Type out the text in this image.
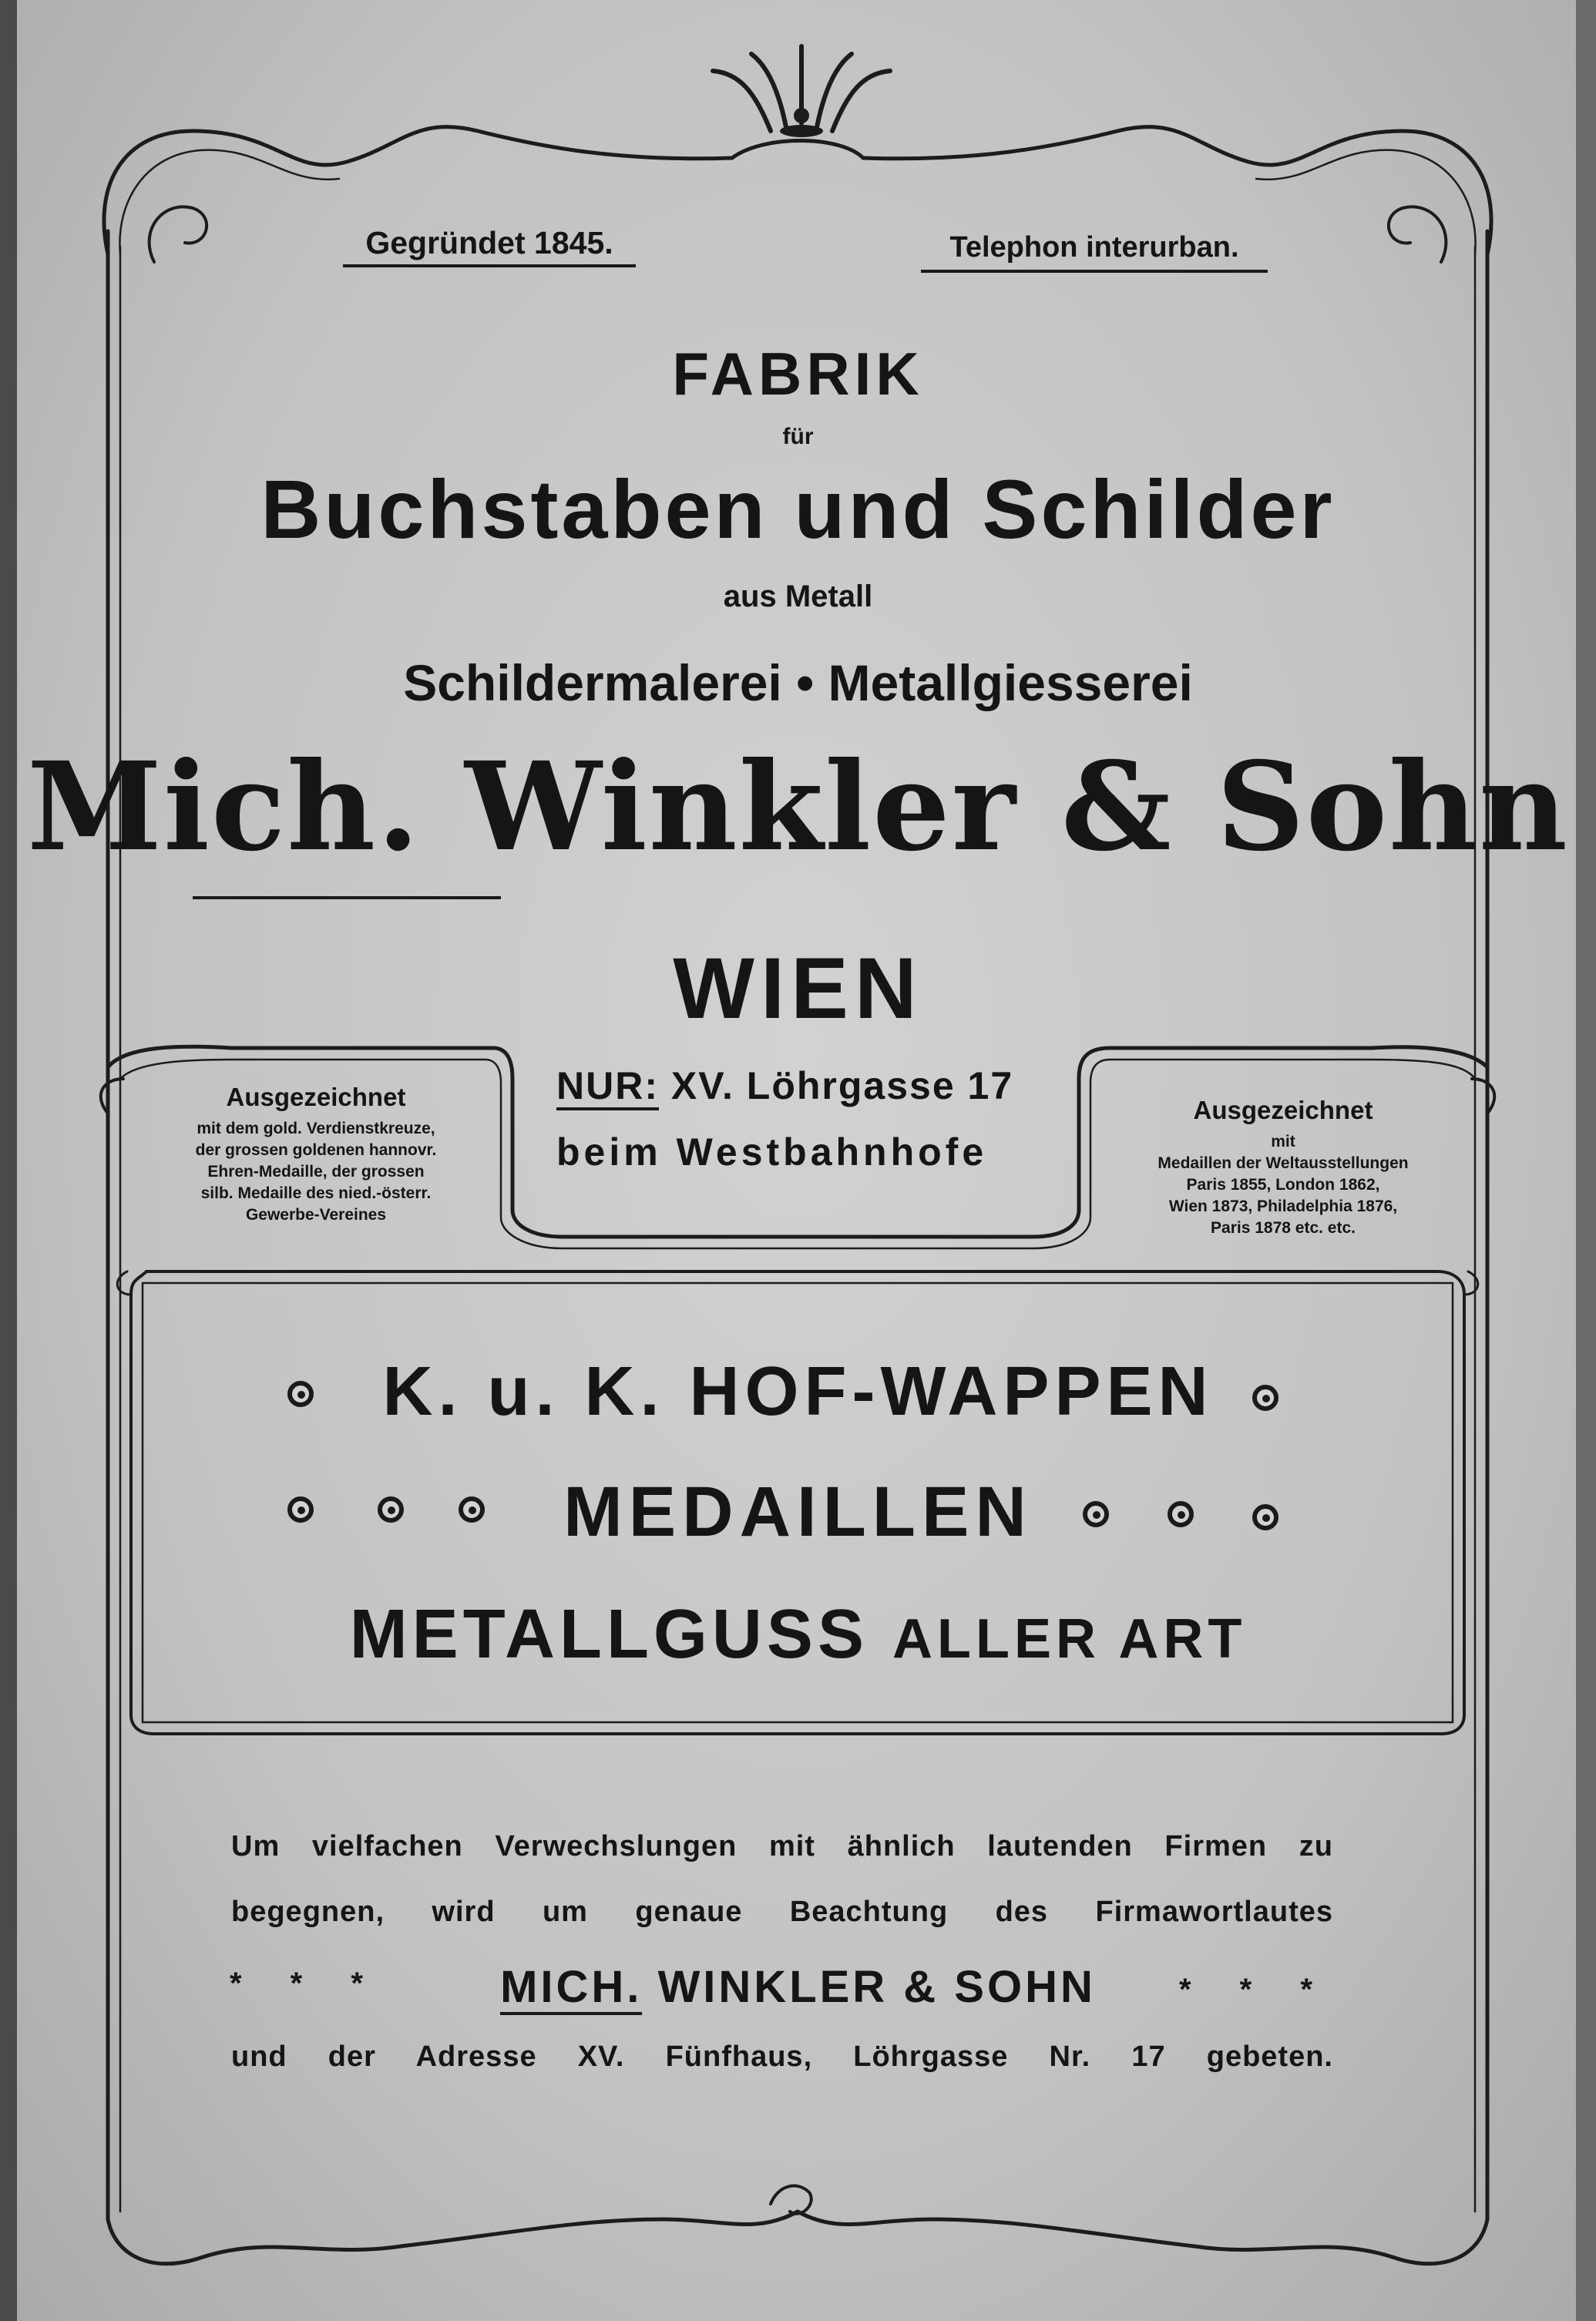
Gegründet 1845.	Telephon interurban.
FABRIK
für
Buchstaben und Schilder
aus Metall
Schildermalerei • Metallgiesserei
Mich. Winkler & Sohn
WIEN
NUR: XV. Löhrgasse 17
beim Westbahnhofe
Ausgezeichnet
mit dem gold. Verdienstkreuze,
der grossen goldenen hannovr.
Ehren-Medaille, der grossen
silb. Medaille des nied.-österr.
Gewerbe-Vereines
Ausgezeichnet
mit
Medaillen der Weltausstellungen
Paris 1855, London 1862,
Wien 1873, Philadelphia 1876,
Paris 1878 etc. etc.
K. u. K. HOF-WAPPEN
MEDAILLEN
METALLGUSS ALLER ART
Um vielfachen Verwechslungen mit ähnlich lautenden Firmen zu
begegnen, wird um genaue Beachtung des Firmawortlautes
* * *	MICH. WINKLER & SOHN	* * *
und der Adresse XV. Fünfhaus, Löhrgasse Nr. 17 gebeten.
